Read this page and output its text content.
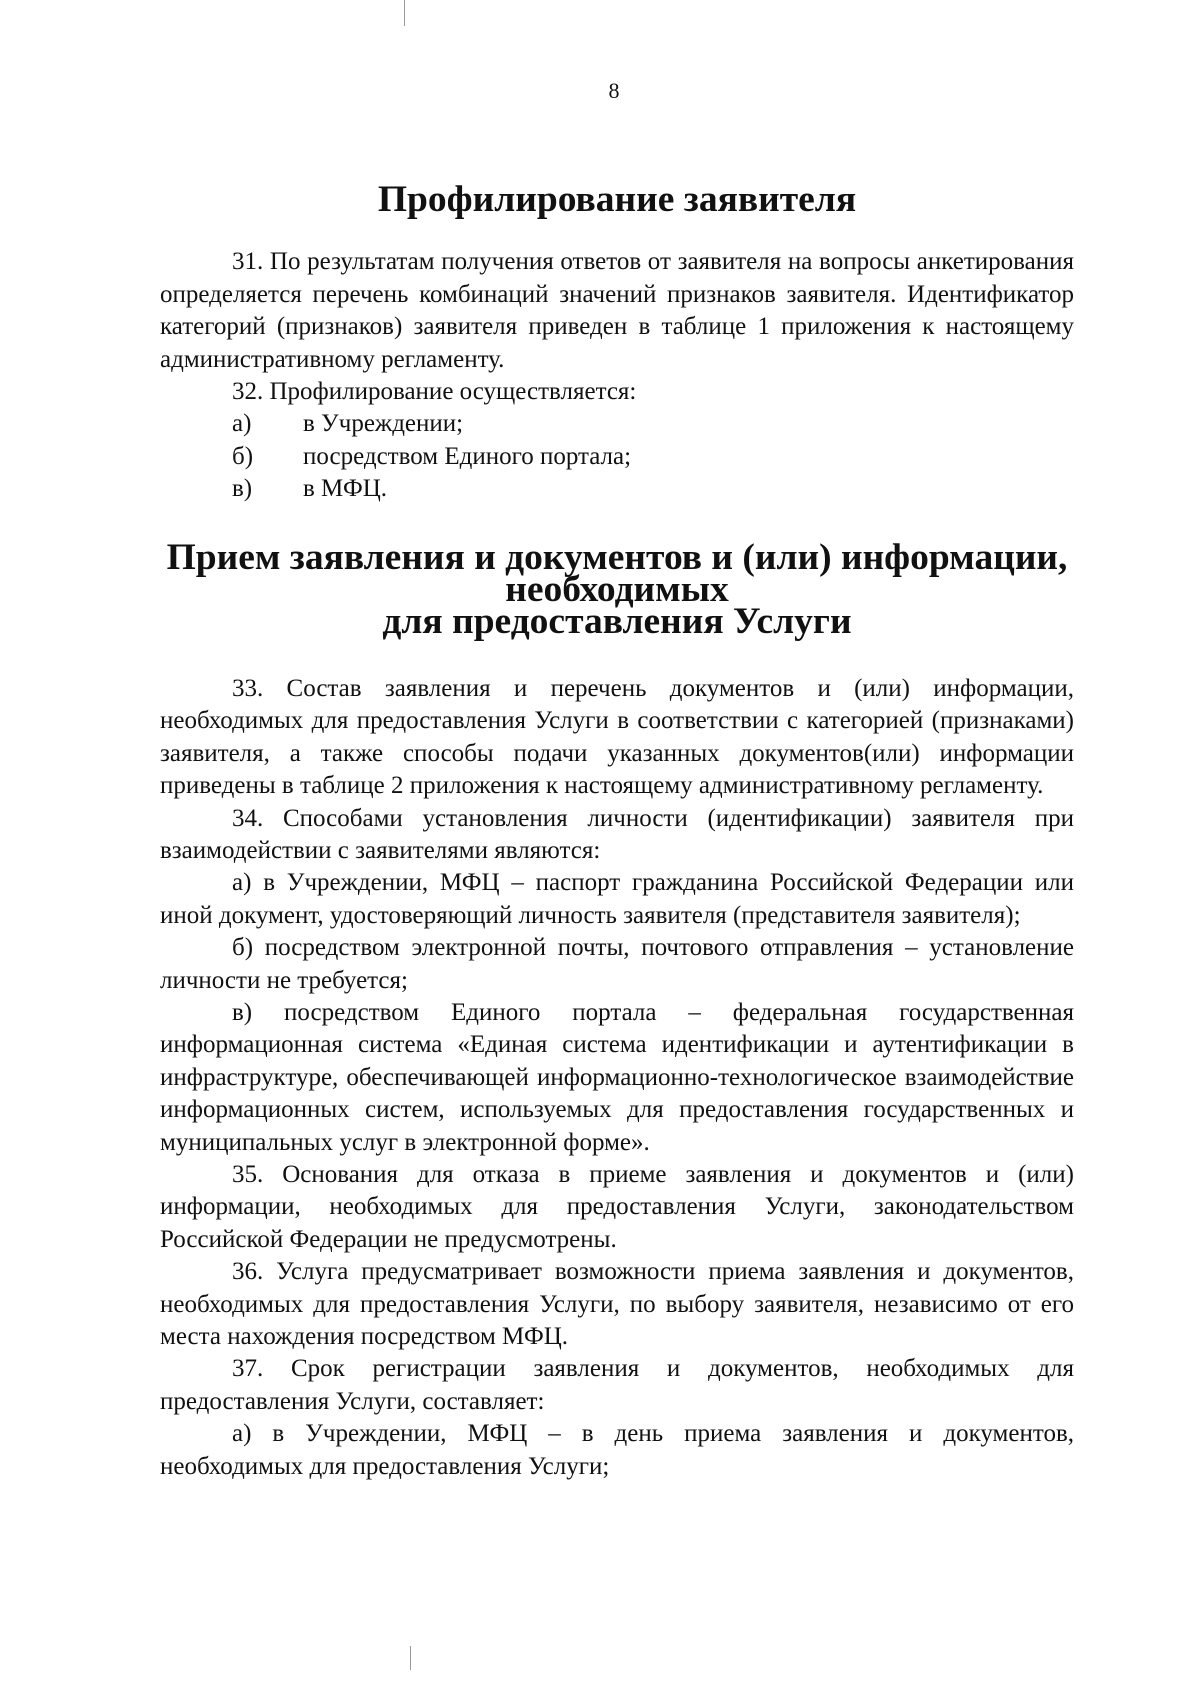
8
Профилирование заявителя

31. По результатам получения ответов от заявителя на вопросы анкетирования определяется перечень комбинаций значений признаков заявителя. Идентификатор категорий (признаков) заявителя приведен в таблице 1 приложения к настоящему административному регламенту.

32. Профилирование осуществляется:

а)	в Учреждении;
б)	посредством Единого портала;
в)	в МФЦ.
Прием заявления и документов и (или) информации, необходимых
для предоставления Услуги

33. Состав заявления и перечень документов и (или) информации, необходимых для предоставления Услуги в соответствии с категорией (признаками) заявителя, а также способы подачи указанных документов(или) информации приведены в таблице 2 приложения к настоящему административному регламенту.

34. Способами установления личности (идентификации) заявителя при взаимодействии с заявителями являются:

а) в Учреждении, МФЦ – паспорт гражданина Российской Федерации или иной документ, удостоверяющий личность заявителя (представителя заявителя);

б) посредством электронной почты, почтового отправления – установление личности не требуется;

в) посредством Единого портала – федеральная государственная информационная система «Единая система идентификации и аутентификации в инфраструктуре, обеспечивающей информационно-технологическое взаимодействие информационных систем, используемых для предоставления государственных и муниципальных услуг в электронной форме».

35. Основания для отказа в приеме заявления и документов и (или) информации, необходимых для предоставления Услуги, законодательством Российской Федерации не предусмотрены.

36. Услуга предусматривает возможности приема заявления и документов, необходимых для предоставления Услуги, по выбору заявителя, независимо от его места нахождения посредством МФЦ.

37. Срок регистрации заявления и документов, необходимых для предоставления Услуги, составляет:

а) в Учреждении, МФЦ – в день приема заявления и документов, необходимых для предоставления Услуги;
